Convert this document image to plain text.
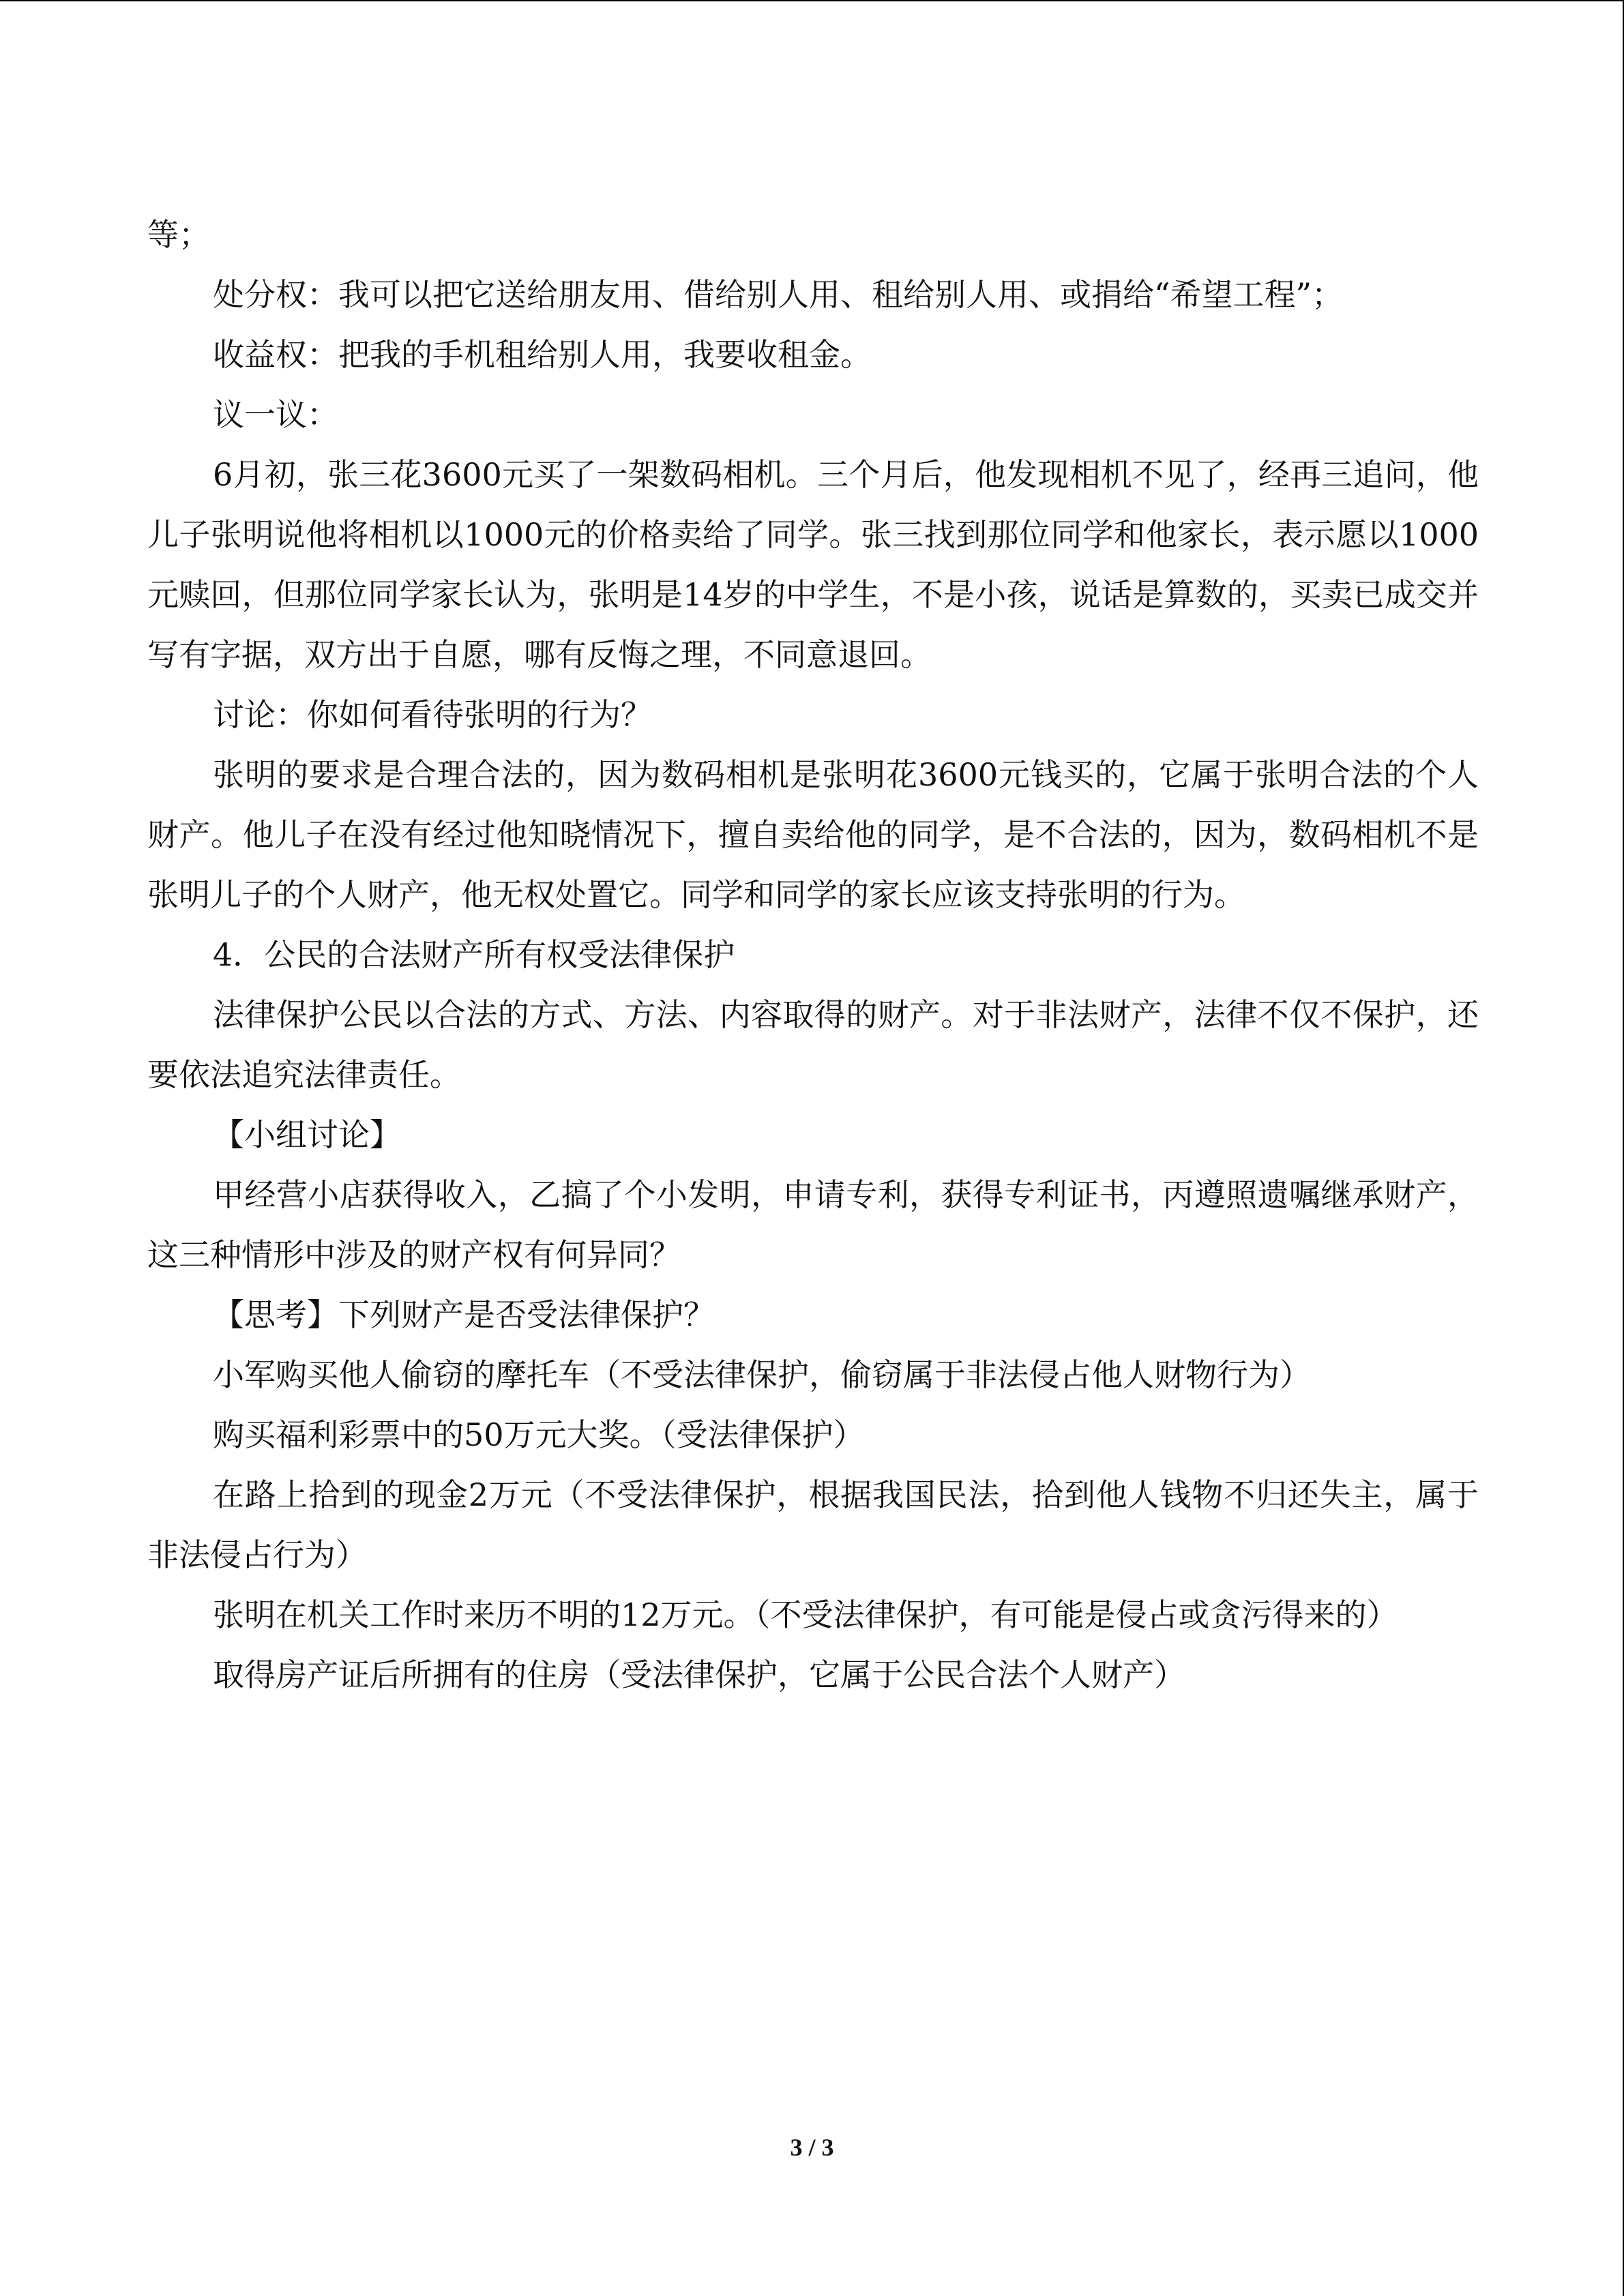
等；

处分权：我可以把它送给朋友用、借给别人用、租给别人用、或捐给“希望工程”；

收益权：把我的手机租给别人用，我要收租金。

议一议：

6月初，张三花3600元买了一架数码相机。三个月后，他发现相机不见了，经再三追问，他儿子张明说他将相机以1000元的价格卖给了同学。张三找到那位同学和他家长，表示愿以1000元赎回，但那位同学家长认为，张明是14岁的中学生，不是小孩，说话是算数的，买卖已成交并写有字据，双方出于自愿，哪有反悔之理，不同意退回。

讨论：你如何看待张明的行为？

张明的要求是合理合法的，因为数码相机是张明花3600元钱买的，它属于张明合法的个人财产。他儿子在没有经过他知晓情况下，擅自卖给他的同学，是不合法的，因为，数码相机不是张明儿子的个人财产，他无权处置它。同学和同学的家长应该支持张明的行为。

4．公民的合法财产所有权受法律保护

法律保护公民以合法的方式、方法、内容取得的财产。对于非法财产，法律不仅不保护，还要依法追究法律责任。

【小组讨论】

甲经营小店获得收入，乙搞了个小发明，申请专利，获得专利证书，丙遵照遗嘱继承财产，这三种情形中涉及的财产权有何异同？

【思考】下列财产是否受法律保护？

小军购买他人偷窃的摩托车（不受法律保护，偷窃属于非法侵占他人财物行为）

购买福利彩票中的50万元大奖。（受法律保护）

在路上拾到的现金2万元（不受法律保护，根据我国民法，拾到他人钱物不归还失主，属于非法侵占行为）

张明在机关工作时来历不明的12万元。（不受法律保护，有可能是侵占或贪污得来的）

取得房产证后所拥有的住房（受法律保护，它属于公民合法个人财产）

3 / 3
